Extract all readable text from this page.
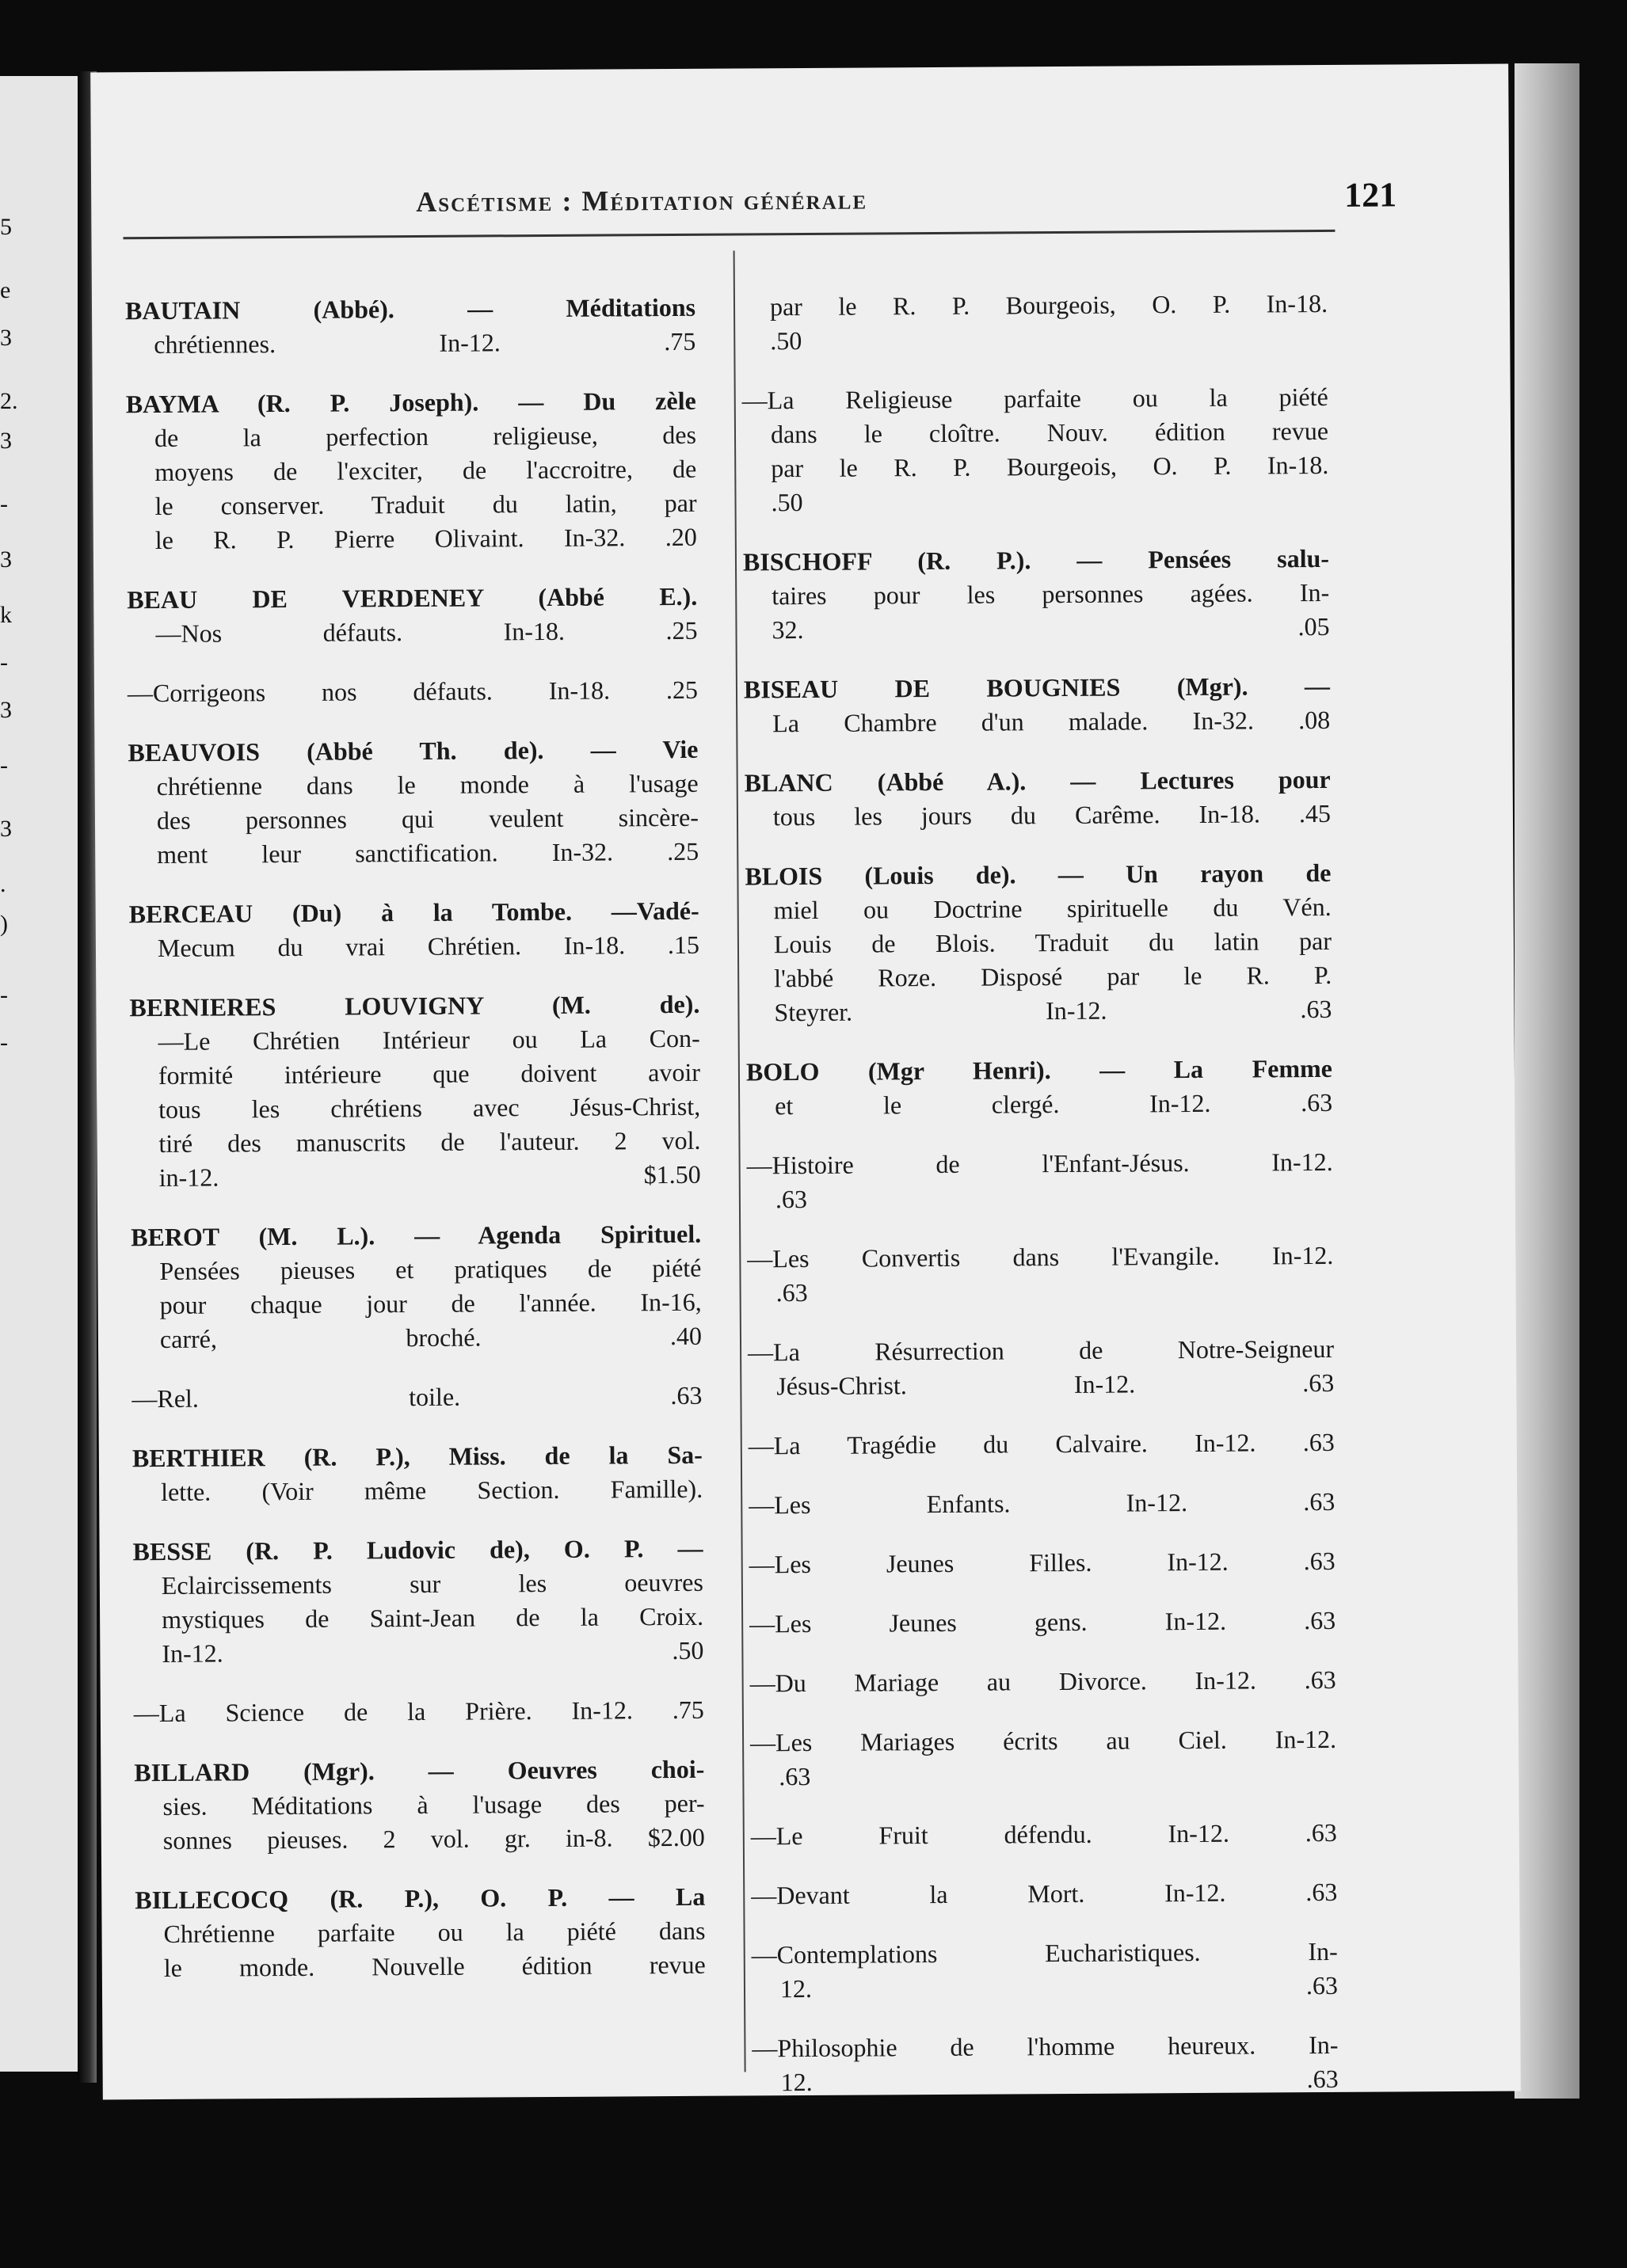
5
e
3
2.
3
-
3
k
-
3
-
3
.
)
-
-
Ascétisme : Méditation générale	121
BAUTAIN (Abbé). — Méditations
chrétiennes. In-12. .75
BAYMA (R. P. Joseph). — Du zèle
de la perfection religieuse, des
moyens de l'exciter, de l'accroitre, de
le conserver. Traduit du latin, par
le R. P. Pierre Olivaint. In-32. .20
BEAU DE VERDENEY (Abbé E.).
—Nos défauts. In-18. .25
—Corrigeons nos défauts. In-18. .25
BEAUVOIS (Abbé Th. de). — Vie
chrétienne dans le monde à l'usage
des personnes qui veulent sincère-
ment leur sanctification. In-32. .25
BERCEAU (Du) à la Tombe. —Vadé-
Mecum du vrai Chrétien. In-18. .15
BERNIERES LOUVIGNY (M. de).
—Le Chrétien Intérieur ou La Con-
formité intérieure que doivent avoir
tous les chrétiens avec Jésus-Christ,
tiré des manuscrits de l'auteur. 2 vol.
in-12. $1.50
BEROT (M. L.). — Agenda Spirituel.
Pensées pieuses et pratiques de piété
pour chaque jour de l'année. In-16,
carré, broché. .40
—Rel. toile. .63
BERTHIER (R. P.), Miss. de la Sa-
lette. (Voir même Section. Famille).
BESSE (R. P. Ludovic de), O. P. —
Eclaircissements sur les oeuvres
mystiques de Saint-Jean de la Croix.
In-12. .50
—La Science de la Prière. In-12. .75
BILLARD (Mgr). — Oeuvres choi-
sies. Méditations à l'usage des per-
sonnes pieuses. 2 vol. gr. in-8. $2.00
BILLECOCQ (R. P.), O. P. — La
Chrétienne parfaite ou la piété dans
le monde. Nouvelle édition revue
par le R. P. Bourgeois, O. P. In-18.
.50
—La Religieuse parfaite ou la piété
dans le cloître. Nouv. édition revue
par le R. P. Bourgeois, O. P. In-18.
.50
BISCHOFF (R. P.). — Pensées salu-
taires pour les personnes agées. In-
32. .05
BISEAU DE BOUGNIES (Mgr). —
La Chambre d'un malade. In-32. .08
BLANC (Abbé A.). — Lectures pour
tous les jours du Carême. In-18. .45
BLOIS (Louis de). — Un rayon de
miel ou Doctrine spirituelle du Vén.
Louis de Blois. Traduit du latin par
l'abbé Roze. Disposé par le R. P.
Steyrer. In-12. .63
BOLO (Mgr Henri). — La Femme
et le clergé. In-12. .63
—Histoire de l'Enfant-Jésus. In-12.
.63
—Les Convertis dans l'Evangile. In-12.
.63
—La Résurrection de Notre-Seigneur
Jésus-Christ. In-12. .63
—La Tragédie du Calvaire. In-12. .63
—Les Enfants. In-12. .63
—Les Jeunes Filles. In-12. .63
—Les Jeunes gens. In-12. .63
—Du Mariage au Divorce. In-12. .63
—Les Mariages écrits au Ciel. In-12.
.63
—Le Fruit défendu. In-12. .63
—Devant la Mort. In-12. .63
—Contemplations Eucharistiques. In-
12. .63
—Philosophie de l'homme heureux. In-
12. .63
